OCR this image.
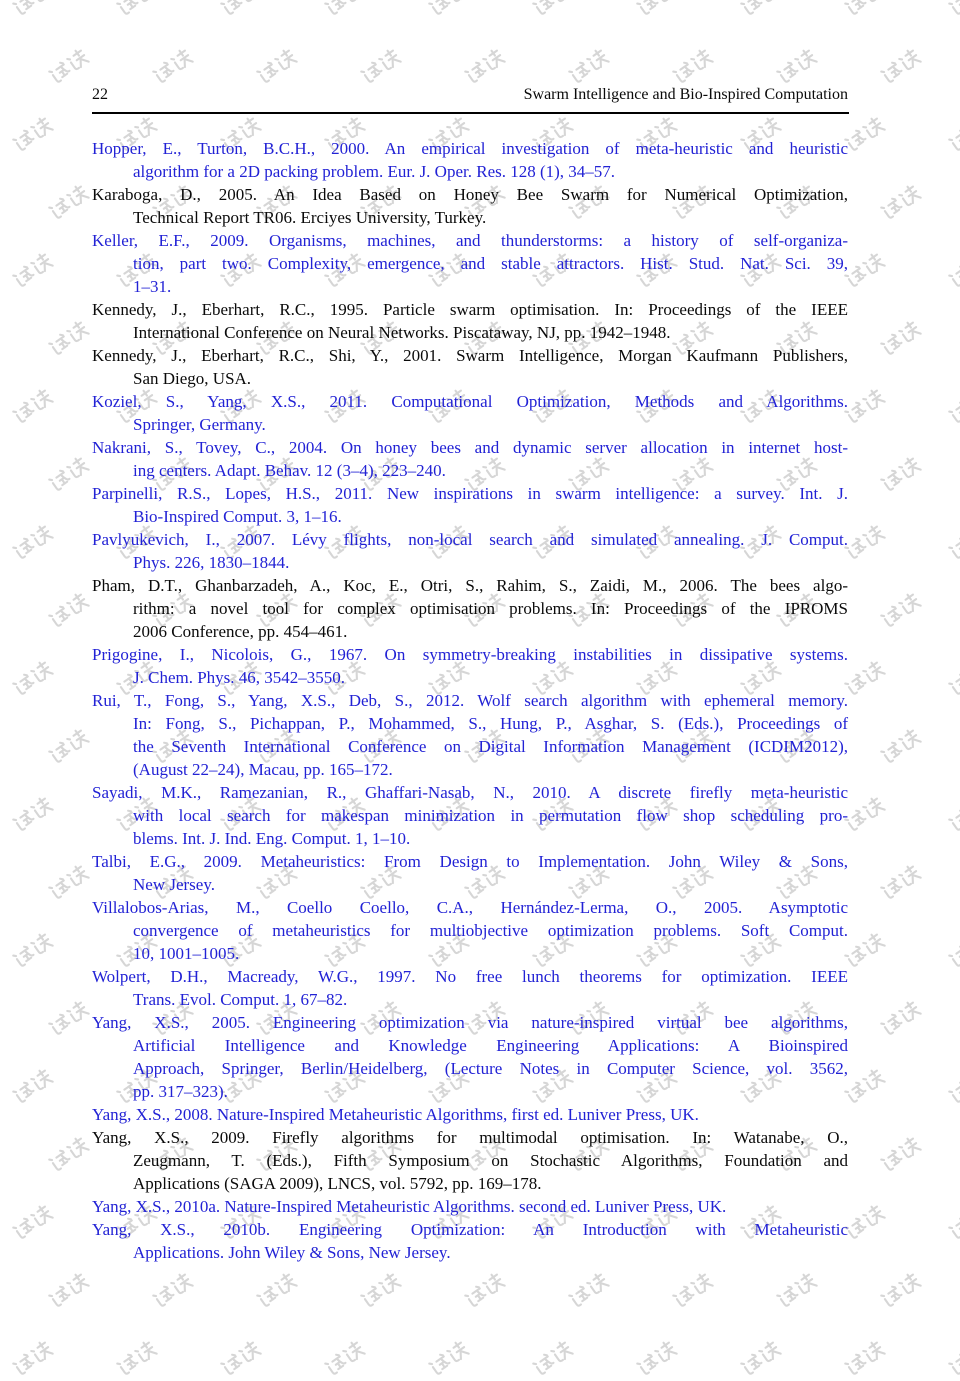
22	Swarm Intelligence and Bio-Inspired Computation
Hopper, E., Turton, B.C.H., 2000. An empirical investigation of meta-heuristic and heuristic
algorithm for a 2D packing problem. Eur. J. Oper. Res. 128 (1), 34–57.
Karaboga, D., 2005. An Idea Based on Honey Bee Swarm for Numerical Optimization,
Technical Report TR06. Erciyes University, Turkey.
Keller, E.F., 2009. Organisms, machines, and thunderstorms: a history of self-organiza-
tion, part two. Complexity, emergence, and stable attractors. Hist. Stud. Nat. Sci. 39,
1–31.
Kennedy, J., Eberhart, R.C., 1995. Particle swarm optimisation. In: Proceedings of the IEEE
International Conference on Neural Networks. Piscataway, NJ, pp. 1942–1948.
Kennedy, J., Eberhart, R.C., Shi, Y., 2001. Swarm Intelligence, Morgan Kaufmann Publishers,
San Diego, USA.
Koziel, S., Yang, X.S., 2011. Computational Optimization, Methods and Algorithms.
Springer, Germany.
Nakrani, S., Tovey, C., 2004. On honey bees and dynamic server allocation in internet host-
ing centers. Adapt. Behav. 12 (3–4), 223–240.
Parpinelli, R.S., Lopes, H.S., 2011. New inspirations in swarm intelligence: a survey. Int. J.
Bio-Inspired Comput. 3, 1–16.
Pavlyukevich, I., 2007. Lévy flights, non-local search and simulated annealing. J. Comput.
Phys. 226, 1830–1844.
Pham, D.T., Ghanbarzadeh, A., Koc, E., Otri, S., Rahim, S., Zaidi, M., 2006. The bees algo-
rithm: a novel tool for complex optimisation problems. In: Proceedings of the IPROMS
2006 Conference, pp. 454–461.
Prigogine, I., Nicolois, G., 1967. On symmetry-breaking instabilities in dissipative systems.
J. Chem. Phys. 46, 3542–3550.
Rui, T., Fong, S., Yang, X.S., Deb, S., 2012. Wolf search algorithm with ephemeral memory.
In: Fong, S., Pichappan, P., Mohammed, S., Hung, P., Asghar, S. (Eds.), Proceedings of
the Seventh International Conference on Digital Information Management (ICDIM2012),
(August 22–24), Macau, pp. 165–172.
Sayadi, M.K., Ramezanian, R., Ghaffari-Nasab, N., 2010. A discrete firefly meta-heuristic
with local search for makespan minimization in permutation flow shop scheduling pro-
blems. Int. J. Ind. Eng. Comput. 1, 1–10.
Talbi, E.G., 2009. Metaheuristics: From Design to Implementation. John Wiley & Sons,
New Jersey.
Villalobos-Arias, M., Coello Coello, C.A., Hernández-Lerma, O., 2005. Asymptotic
convergence of metaheuristics for multiobjective optimization problems. Soft Comput.
10, 1001–1005.
Wolpert, D.H., Macready, W.G., 1997. No free lunch theorems for optimization. IEEE
Trans. Evol. Comput. 1, 67–82.
Yang, X.S., 2005. Engineering optimization via nature-inspired virtual bee algorithms,
Artificial Intelligence and Knowledge Engineering Applications: A Bioinspired
Approach, Springer, Berlin/Heidelberg, (Lecture Notes in Computer Science, vol. 3562,
pp. 317–323).
Yang, X.S., 2008. Nature-Inspired Metaheuristic Algorithms, first ed. Luniver Press, UK.
Yang, X.S., 2009. Firefly algorithms for multimodal optimisation. In: Watanabe, O.,
Zeugmann, T. (Eds.), Fifth Symposium on Stochastic Algorithms, Foundation and
Applications (SAGA 2009), LNCS, vol. 5792, pp. 169–178.
Yang, X.S., 2010a. Nature-Inspired Metaheuristic Algorithms. second ed. Luniver Press, UK.
Yang, X.S., 2010b. Engineering Optimization: An Introduction with Metaheuristic
Applications. John Wiley & Sons, New Jersey.
